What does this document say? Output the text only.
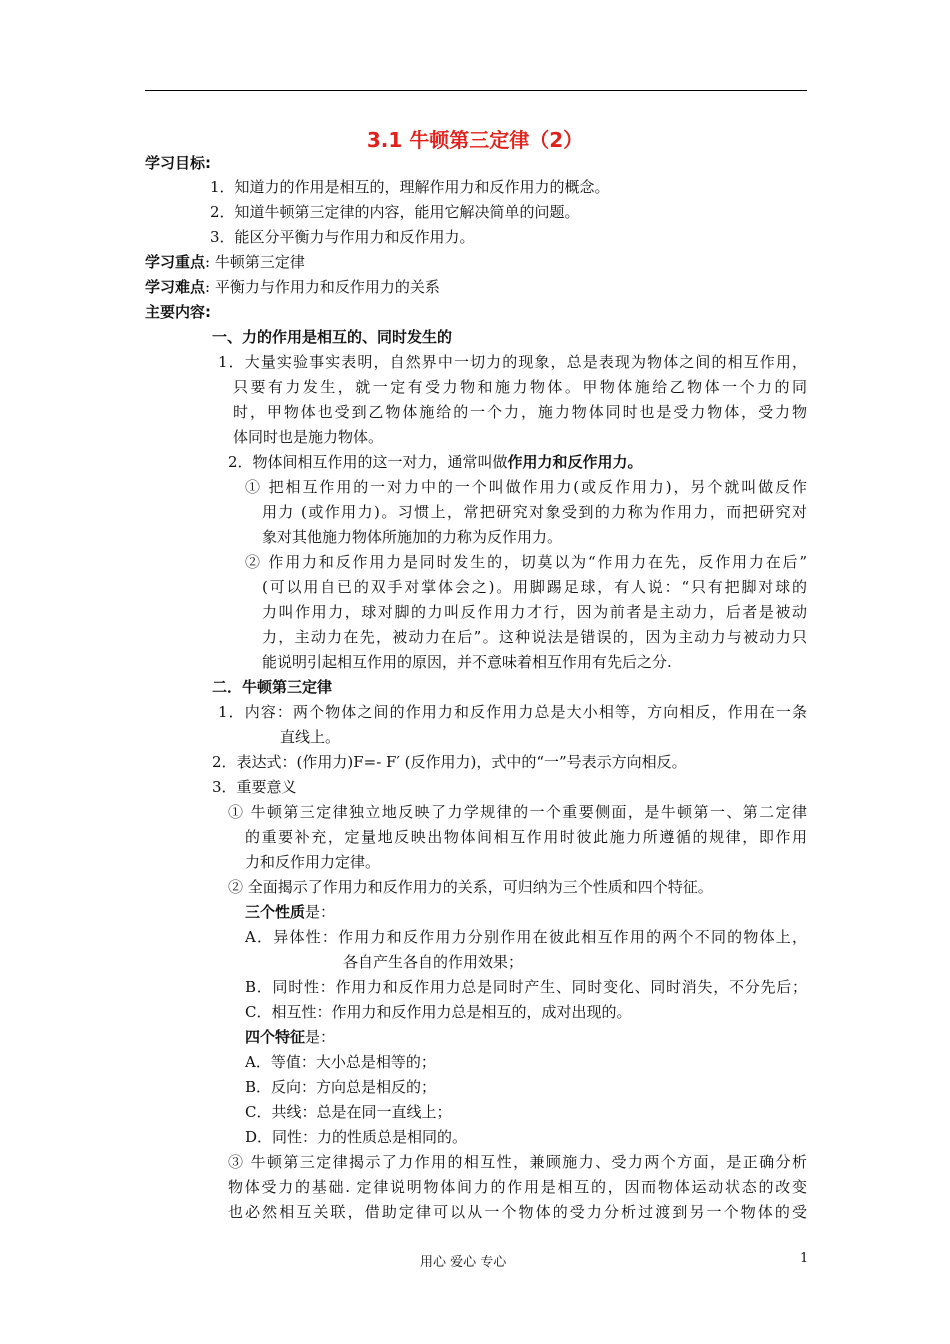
3.1 牛顿第三定律（2）
学习目标:
1．知道力的作用是相互的，理解作用力和反作用力的概念。
2．知道牛顿第三定律的内容，能用它解决简单的问题。
3．能区分平衡力与作用力和反作用力。
学习重点: 牛顿第三定律
学习难点: 平衡力与作用力和反作用力的关系
主要内容:
一、力的作用是相互的、同时发生的
1．大量实验事实表明，自然界中一切力的现象，总是表现为物体之间的相互作用，
只要有力发生，就一定有受力物和施力物体。甲物体施给乙物体一个力的同
时，甲物体也受到乙物体施给的一个力，施力物体同时也是受力物体，受力物
体同时也是施力物体。
2．物体间相互作用的这一对力，通常叫做作用力和反作用力。
① 把相互作用的一对力中的一个叫做作用力(或反作用力)，另个就叫做反作
用力 (或作用力)。习惯上，常把研究对象受到的力称为作用力，而把研究对
象对其他施力物体所施加的力称为反作用力。
② 作用力和反作用力是同时发生的，切莫以为“作用力在先，反作用力在后”
(可以用自已的双手对掌体会之)。用脚踢足球，有人说：“只有把脚对球的
力叫作用力，球对脚的力叫反作用力才行，因为前者是主动力，后者是被动
力，主动力在先，被动力在后”。这种说法是错误的，因为主动力与被动力只
能说明引起相互作用的原因，并不意味着相互作用有先后之分.
二．牛顿第三定律
1．内容：两个物体之间的作用力和反作用力总是大小相等，方向相反，作用在一条
直线上。
2．表达式：(作用力)F=- F′ (反作用力)，式中的“一”号表示方向相反。
3．重要意义
① 牛顿第三定律独立地反映了力学规律的一个重要侧面，是牛顿第一、第二定律
的重要补充，定量地反映出物体间相互作用时彼此施力所遵循的规律，即作用
力和反作用力定律。
② 全面揭示了作用力和反作用力的关系，可归纳为三个性质和四个特征。
三个性质是：
A．异体性：作用力和反作用力分别作用在彼此相互作用的两个不同的物体上，
各自产生各自的作用效果；
B．同时性：作用力和反作用力总是同时产生、同时变化、同时消失，不分先后；
C．相互性：作用力和反作用力总是相互的，成对出现的。
四个特征是：
A．等值：大小总是相等的；
B．反向：方向总是相反的；
C．共线：总是在同一直线上；
D．同性：力的性质总是相同的。
③ 牛顿第三定律揭示了力作用的相互性，兼顾施力、受力两个方面，是正确分析
物体受力的基础. 定律说明物体间力的作用是相互的，因而物体运动状态的改变
也必然相互关联，借助定律可以从一个物体的受力分析过渡到另一个物体的受
用心 爱心 专心	1
